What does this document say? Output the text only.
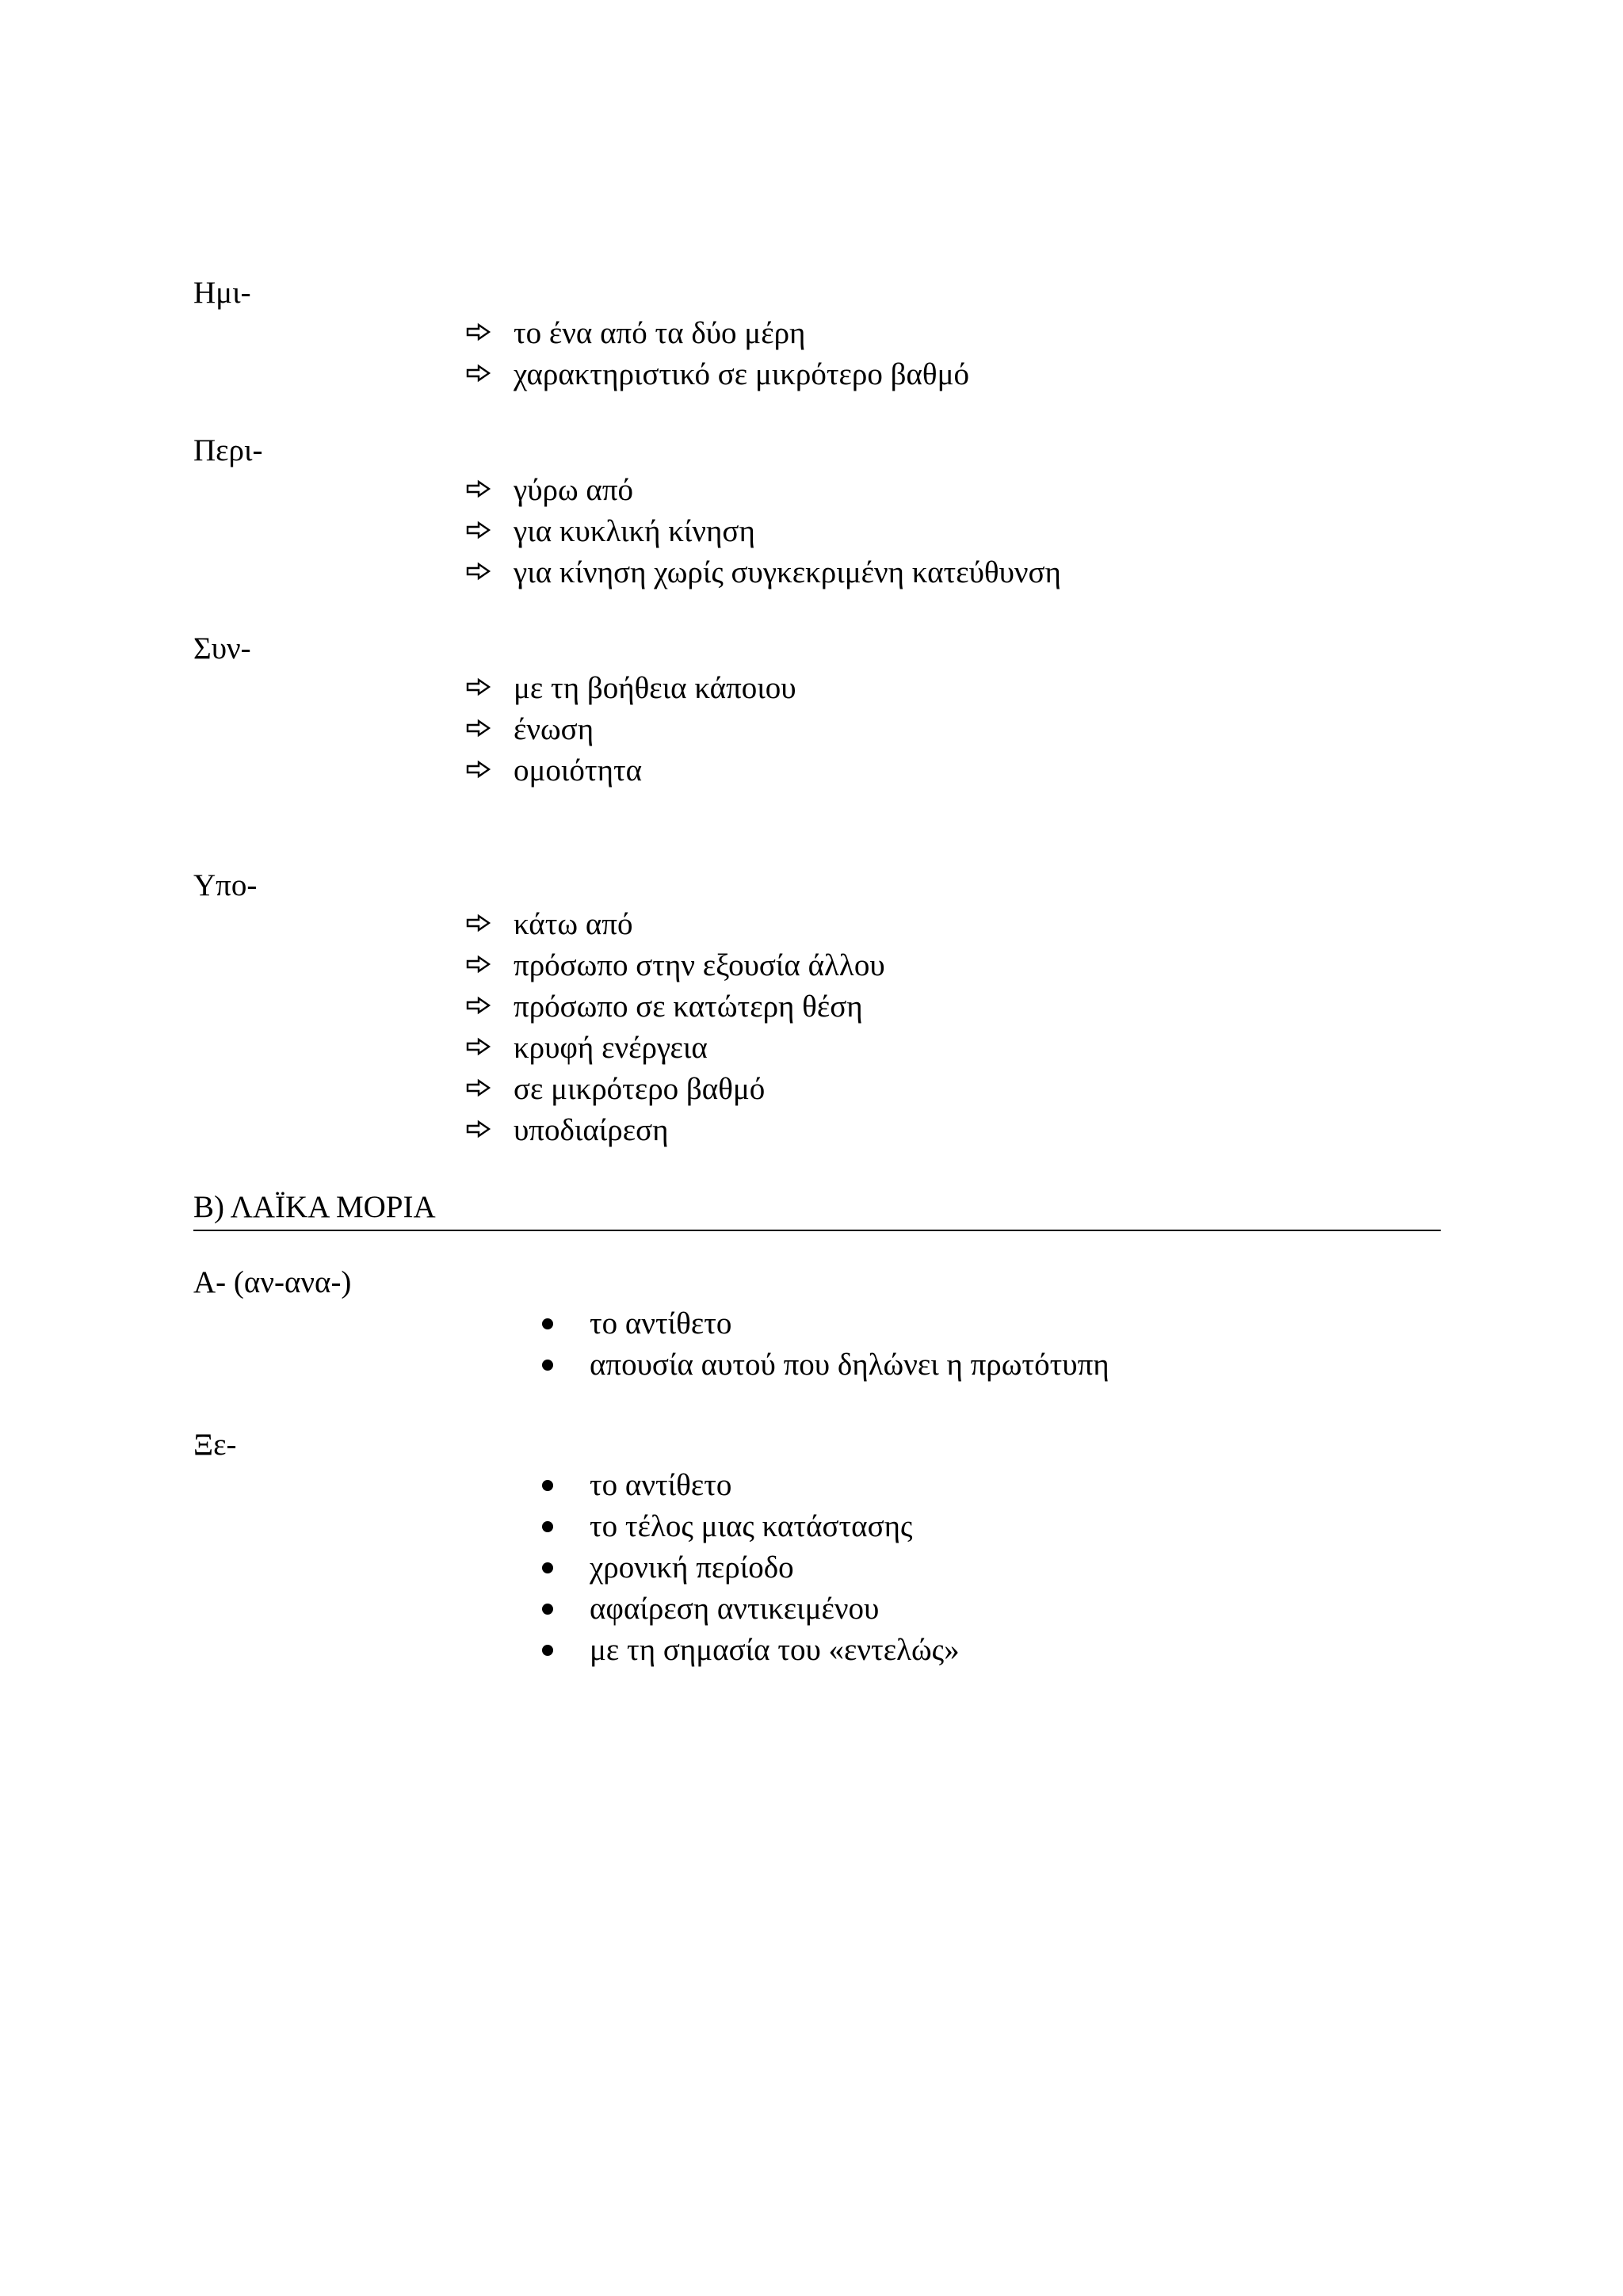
Ημι-

το ένα από τα δύο μέρη
χαρακτηριστικό σε μικρότερο βαθμό

Περι-

γύρω από
για κυκλική κίνηση
για κίνηση χωρίς συγκεκριμένη κατεύθυνση

Συν-

με τη βοήθεια κάποιου
ένωση
ομοιότητα

Υπο-

κάτω από
πρόσωπο στην εξουσία άλλου
πρόσωπο σε κατώτερη θέση
κρυφή ενέργεια
σε μικρότερο βαθμό
υποδιαίρεση
Β) ΛΑΪΚΑ ΜΟΡΙΑ

Α- (αν-ανα-)

το αντίθετο
απουσία αυτού που δηλώνει η πρωτότυπη

Ξε-

το αντίθετο
το τέλος μιας κατάστασης
χρονική περίοδο
αφαίρεση αντικειμένου
με τη σημασία του «εντελώς»
